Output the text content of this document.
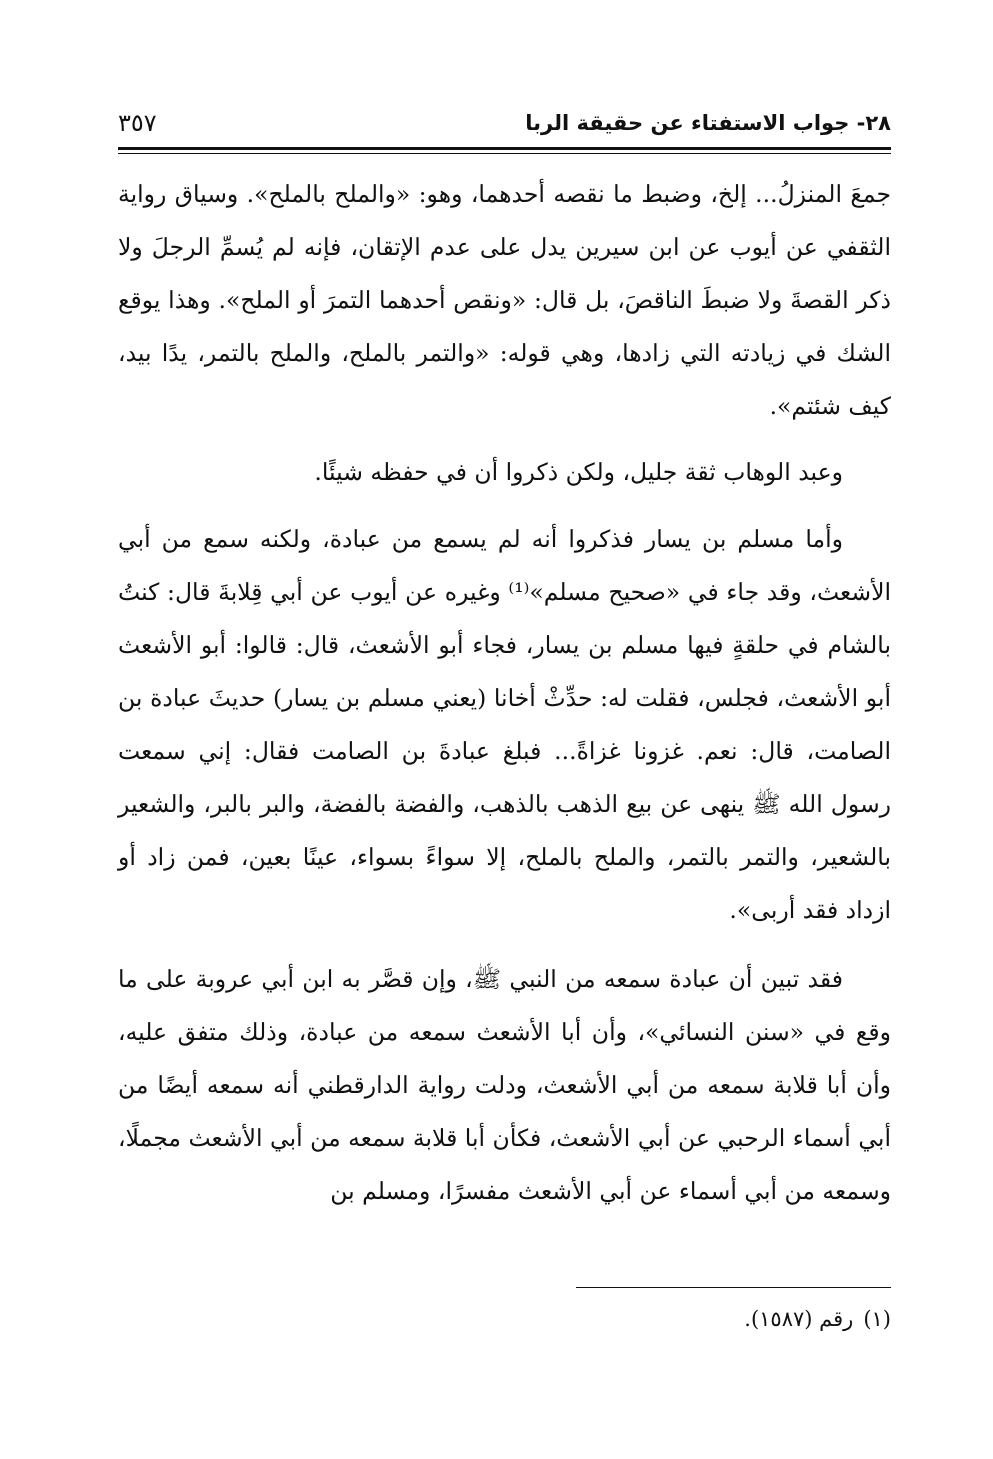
٢٨- جواب الاستفتاء عن حقيقة الربا
٣٥٧

جمعَ المنزلُ... إلخ، وضبط ما نقصه أحدهما، وهو: «والملح بالملح». وسياق رواية الثقفي عن أيوب عن ابن سيرين يدل على عدم الإتقان، فإنه لم يُسمِّ الرجلَ ولا ذكر القصةَ ولا ضبطَ الناقصَ، بل قال: «ونقص أحدهما التمرَ أو الملح». وهذا يوقع الشك في زيادته التي زادها، وهي قوله: «والتمر بالملح، والملح بالتمر، يدًا بيد، كيف شئتم».

وعبد الوهاب ثقة جليل، ولكن ذكروا أن في حفظه شيئًا.

وأما مسلم بن يسار فذكروا أنه لم يسمع من عبادة، ولكنه سمع من أبي الأشعث، وقد جاء في «صحيح مسلم»⁽¹⁾ وغيره عن أيوب عن أبي قِلابةَ قال: كنتُ بالشام في حلقةٍ فيها مسلم بن يسار، فجاء أبو الأشعث، قال: قالوا: أبو الأشعث أبو الأشعث، فجلس، فقلت له: حدِّثْ أخانا (يعني مسلم بن يسار) حديثَ عبادة بن الصامت، قال: نعم. غزونا غزاةً... فبلغ عبادةَ بن الصامت فقال: إني سمعت رسول الله ﷺ ينهى عن بيع الذهب بالذهب، والفضة بالفضة، والبر بالبر، والشعير بالشعير، والتمر بالتمر، والملح بالملح، إلا سواءً بسواء، عينًا بعين، فمن زاد أو ازداد فقد أربى».

فقد تبين أن عبادة سمعه من النبي ﷺ، وإن قصَّر به ابن أبي عروبة على ما وقع في «سنن النسائي»، وأن أبا الأشعث سمعه من عبادة، وذلك متفق عليه، وأن أبا قلابة سمعه من أبي الأشعث، ودلت رواية الدارقطني أنه سمعه أيضًا من أبي أسماء الرحبي عن أبي الأشعث، فكأن أبا قلابة سمعه من أبي الأشعث مجملًا، وسمعه من أبي أسماء عن أبي الأشعث مفسرًا، ومسلم بن

(١)رقم (١٥٨٧).
